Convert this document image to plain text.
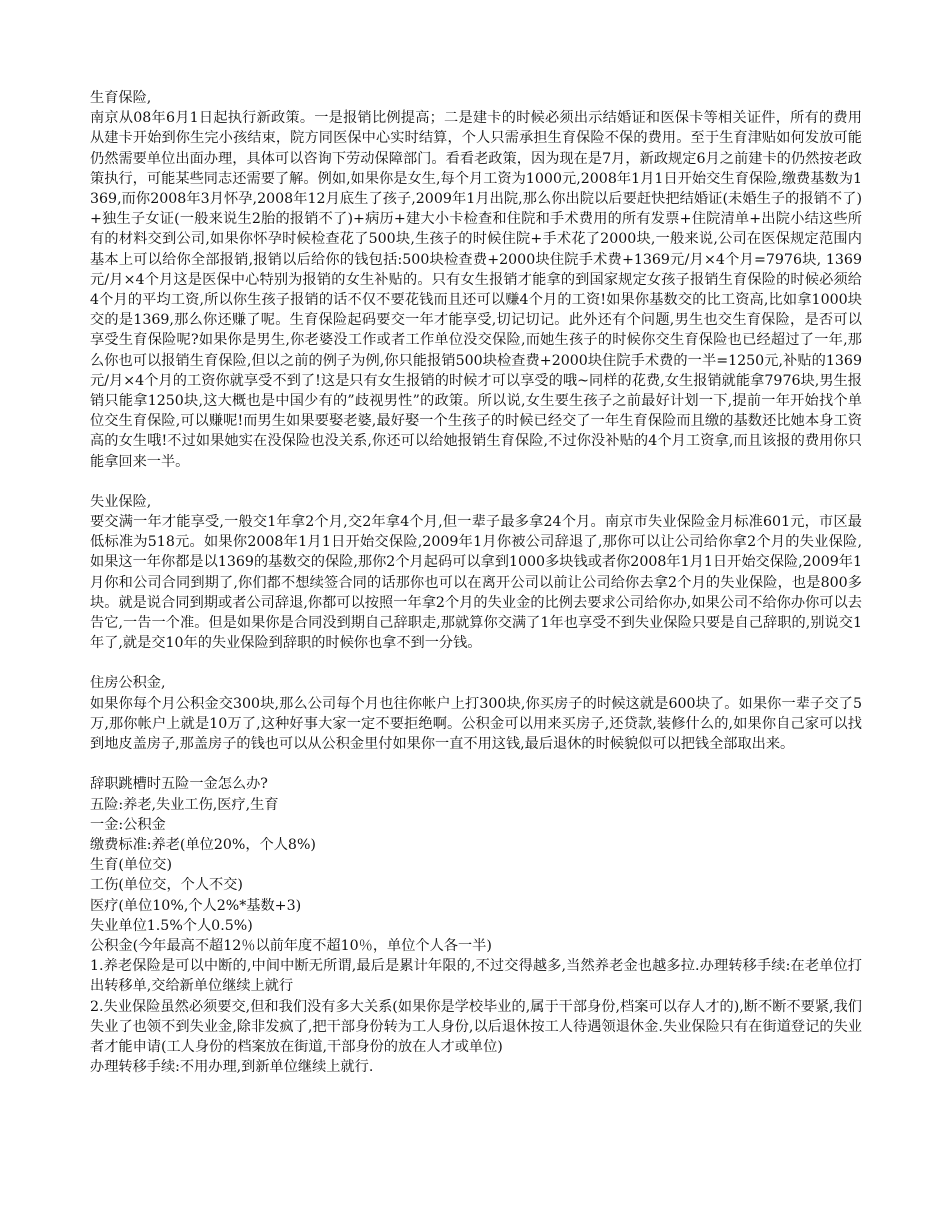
生育保险,

南京从08年6月1日起执行新政策。一是报销比例提高；二是建卡的时候必须出示结婚证和医保卡等相关证件，所有的费用从建卡开始到你生完小孩结束，院方同医保中心实时结算，个人只需承担生育保险不保的费用。至于生育津贴如何发放可能仍然需要单位出面办理，具体可以咨询下劳动保障部门。看看老政策，因为现在是7月，新政规定6月之前建卡的仍然按老政策执行，可能某些同志还需要了解。例如,如果你是女生,每个月工资为1000元,2008年1月1日开始交生育保险,缴费基数为1369,而你2008年3月怀孕,2008年12月底生了孩子,2009年1月出院,那么你出院以后要赶快把结婚证(未婚生子的报销不了)+独生子女证(一般来说生2胎的报销不了)+病历+建大小卡检查和住院和手术费用的所有发票+住院清单+出院小结这些所有的材料交到公司,如果你怀孕时候检查花了500块,生孩子的时候住院+手术花了2000块,一般来说,公司在医保规定范围内基本上可以给你全部报销,报销以后给你的钱包括:500块检查费+2000块住院手术费+1369元/月×4个月=7976块, 1369元/月×4个月这是医保中心特别为报销的女生补贴的。只有女生报销才能拿的到国家规定女孩子报销生育保险的时候必须给4个月的平均工资,所以你生孩子报销的话不仅不要花钱而且还可以赚4个月的工资!如果你基数交的比工资高,比如拿1000块交的是1369,那么你还赚了呢。生育保险起码要交一年才能享受,切记切记。此外还有个问题,男生也交生育保险，是否可以享受生育保险呢?如果你是男生,你老婆没工作或者工作单位没交保险,而她生孩子的时候你交生育保险也已经超过了一年,那么你也可以报销生育保险,但以之前的例子为例,你只能报销500块检查费+2000块住院手术费的一半=1250元,补贴的1369元/月×4个月的工资你就享受不到了!这是只有女生报销的时候才可以享受的哦~同样的花费,女生报销就能拿7976块,男生报销只能拿1250块,这大概也是中国少有的”歧视男性”的政策。所以说,女生要生孩子之前最好计划一下,提前一年开始找个单位交生育保险,可以赚呢!而男生如果要娶老婆,最好娶一个生孩子的时候已经交了一年生育保险而且缴的基数还比她本身工资高的女生哦!不过如果她实在没保险也没关系,你还可以给她报销生育保险,不过你没补贴的4个月工资拿,而且该报的费用你只能拿回来一半。

失业保险,

要交满一年才能享受,一般交1年拿2个月,交2年拿4个月,但一辈子最多拿24个月。南京市失业保险金月标准601元，市区最低标准为518元。如果你2008年1月1日开始交保险,2009年1月你被公司辞退了,那你可以让公司给你拿2个月的失业保险,如果这一年你都是以1369的基数交的保险,那你2个月起码可以拿到1000多块钱或者你2008年1月1日开始交保险,2009年1月你和公司合同到期了,你们都不想续签合同的话那你也可以在离开公司以前让公司给你去拿2个月的失业保险，也是800多块。就是说合同到期或者公司辞退,你都可以按照一年拿2个月的失业金的比例去要求公司给你办,如果公司不给你办你可以去告它,一告一个准。但是如果你是合同没到期自己辞职走,那就算你交满了1年也享受不到失业保险只要是自己辞职的,别说交1年了,就是交10年的失业保险到辞职的时候你也拿不到一分钱。

住房公积金,

如果你每个月公积金交300块,那么公司每个月也往你帐户上打300块,你买房子的时候这就是600块了。如果你一辈子交了5万,那你帐户上就是10万了,这种好事大家一定不要拒绝啊。公积金可以用来买房子,还贷款,装修什么的,如果你自己家可以找到地皮盖房子,那盖房子的钱也可以从公积金里付如果你一直不用这钱,最后退休的时候貌似可以把钱全部取出来。

辞职跳槽时五险一金怎么办?

五险:养老,失业工伤,医疗,生育

一金:公积金

缴费标准:养老(单位20%，个人8%)

生育(单位交)

工伤(单位交，个人不交)

医疗(单位10%,个人2%*基数+3)

失业单位1.5%个人0.5%)

公积金(今年最高不超12％以前年度不超10％，单位个人各一半)

1.养老保险是可以中断的,中间中断无所谓,最后是累计年限的,不过交得越多,当然养老金也越多拉.办理转移手续:在老单位打出转移单,交给新单位继续上就行

2.失业保险虽然必须要交,但和我们没有多大关系(如果你是学校毕业的,属于干部身份,档案可以存人才的),断不断不要紧,我们失业了也领不到失业金,除非发疯了,把干部身份转为工人身份,以后退休按工人待遇领退休金.失业保险只有在街道登记的失业者才能申请(工人身份的档案放在街道,干部身份的放在人才或单位)

办理转移手续:不用办理,到新单位继续上就行.
